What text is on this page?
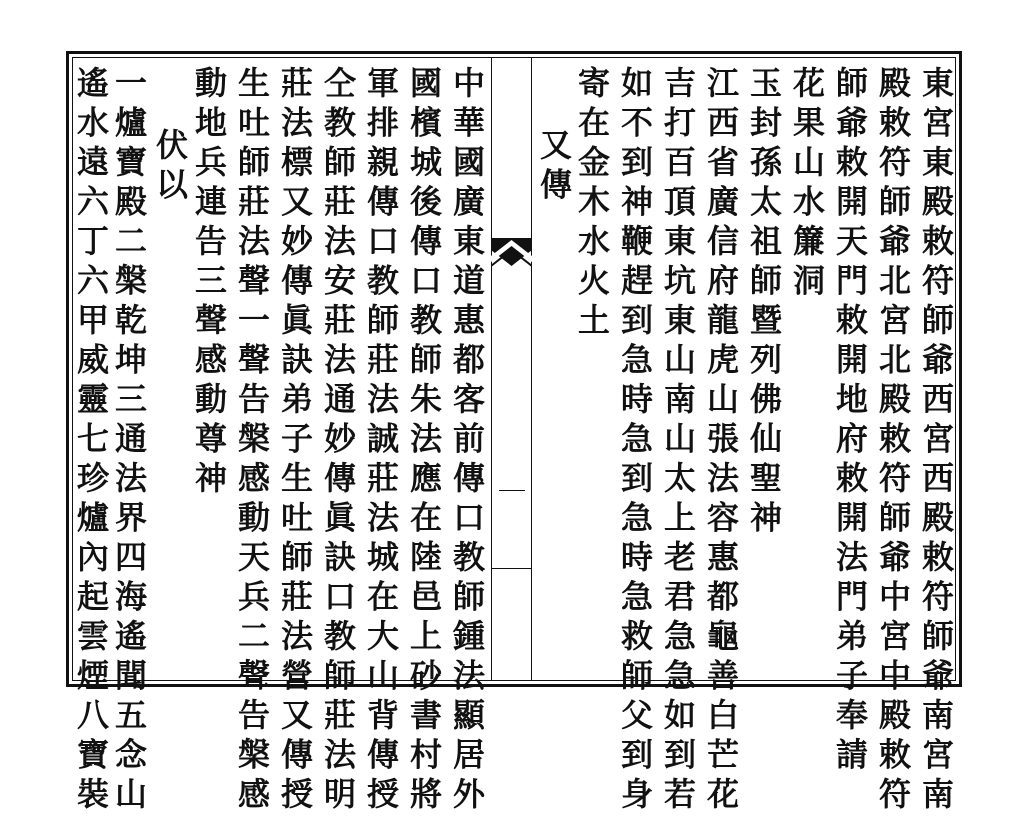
東宮東殿敕符師爺西宮西殿敕符師爺南宮南
殿敕符師爺北宮北殿敕符師爺中宮中殿敕符
師爺敕開天門敕開地府敕開法門弟子奉請
花果山水簾洞
玉封孫太祖師暨列佛仙聖神
江西省廣信府龍虎山張法容惠都龜善白芒花
吉打百頂東坑東山南山太上老君急急如到若
如不到神鞭趕到急時急到急時急救師父到身
寄在金木水火土
又傳
中華國廣東道惠都客前傳口教師鍾法顯居外
國檳城後傳口教師朱法應在陸邑上砂書村將
軍排親傳口教師莊法誠莊法城在大山背傳授
仝教師莊法安莊法通妙傳眞訣口教師莊法明
莊法標又妙傳眞訣弟子生吐師莊法營又傳授
生吐師莊法聲一聲告槃感動天兵二聲告槃感
動地兵連告三聲感動尊神
伏以
一爐寶殿二槃乾坤三通法界四海遙聞五念山
遙水遠六丁六甲威靈七珍爐內起雲煙八寶裝
